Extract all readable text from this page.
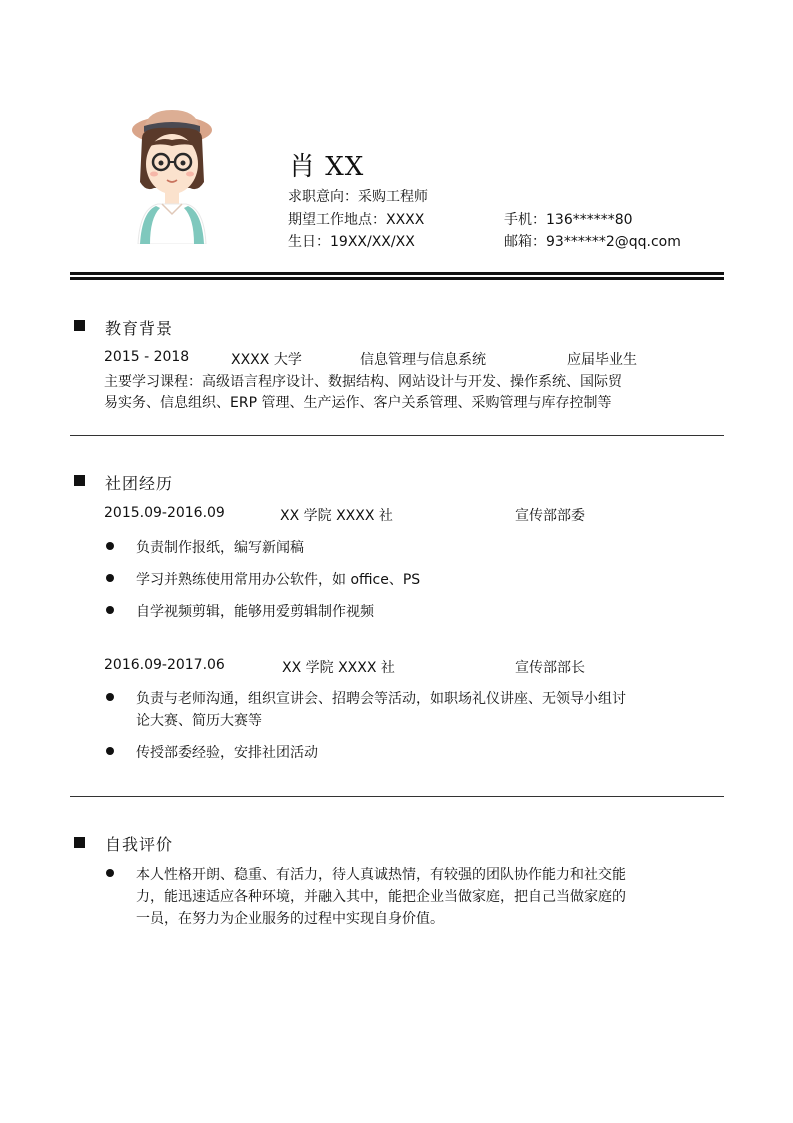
肖 XX
求职意向：采购工程师
期望工作地点：XXXX	手机：136******80
生日：19XX/XX/XX	邮箱：93******2@qq.com
教育背景
2015 - 2018	XXXX 大学	信息管理与信息系统	应届毕业生
主要学习课程：高级语言程序设计、数据结构、网站设计与开发、操作系统、国际贸
易实务、信息组织、ERP 管理、生产运作、客户关系管理、采购管理与库存控制等
社团经历
2015.09-2016.09	XX 学院 XXXX 社	宣传部部委
负责制作报纸，编写新闻稿
学习并熟练使用常用办公软件，如 office、PS
自学视频剪辑，能够用爱剪辑制作视频
2016.09-2017.06	XX 学院 XXXX 社	宣传部部长
负责与老师沟通，组织宣讲会、招聘会等活动，如职场礼仪讲座、无领导小组讨
论大赛、简历大赛等
传授部委经验，安排社团活动
自我评价
本人性格开朗、稳重、有活力，待人真诚热情，有较强的团队协作能力和社交能
力，能迅速适应各种环境，并融入其中，能把企业当做家庭，把自己当做家庭的
一员，在努力为企业服务的过程中实现自身价值。
